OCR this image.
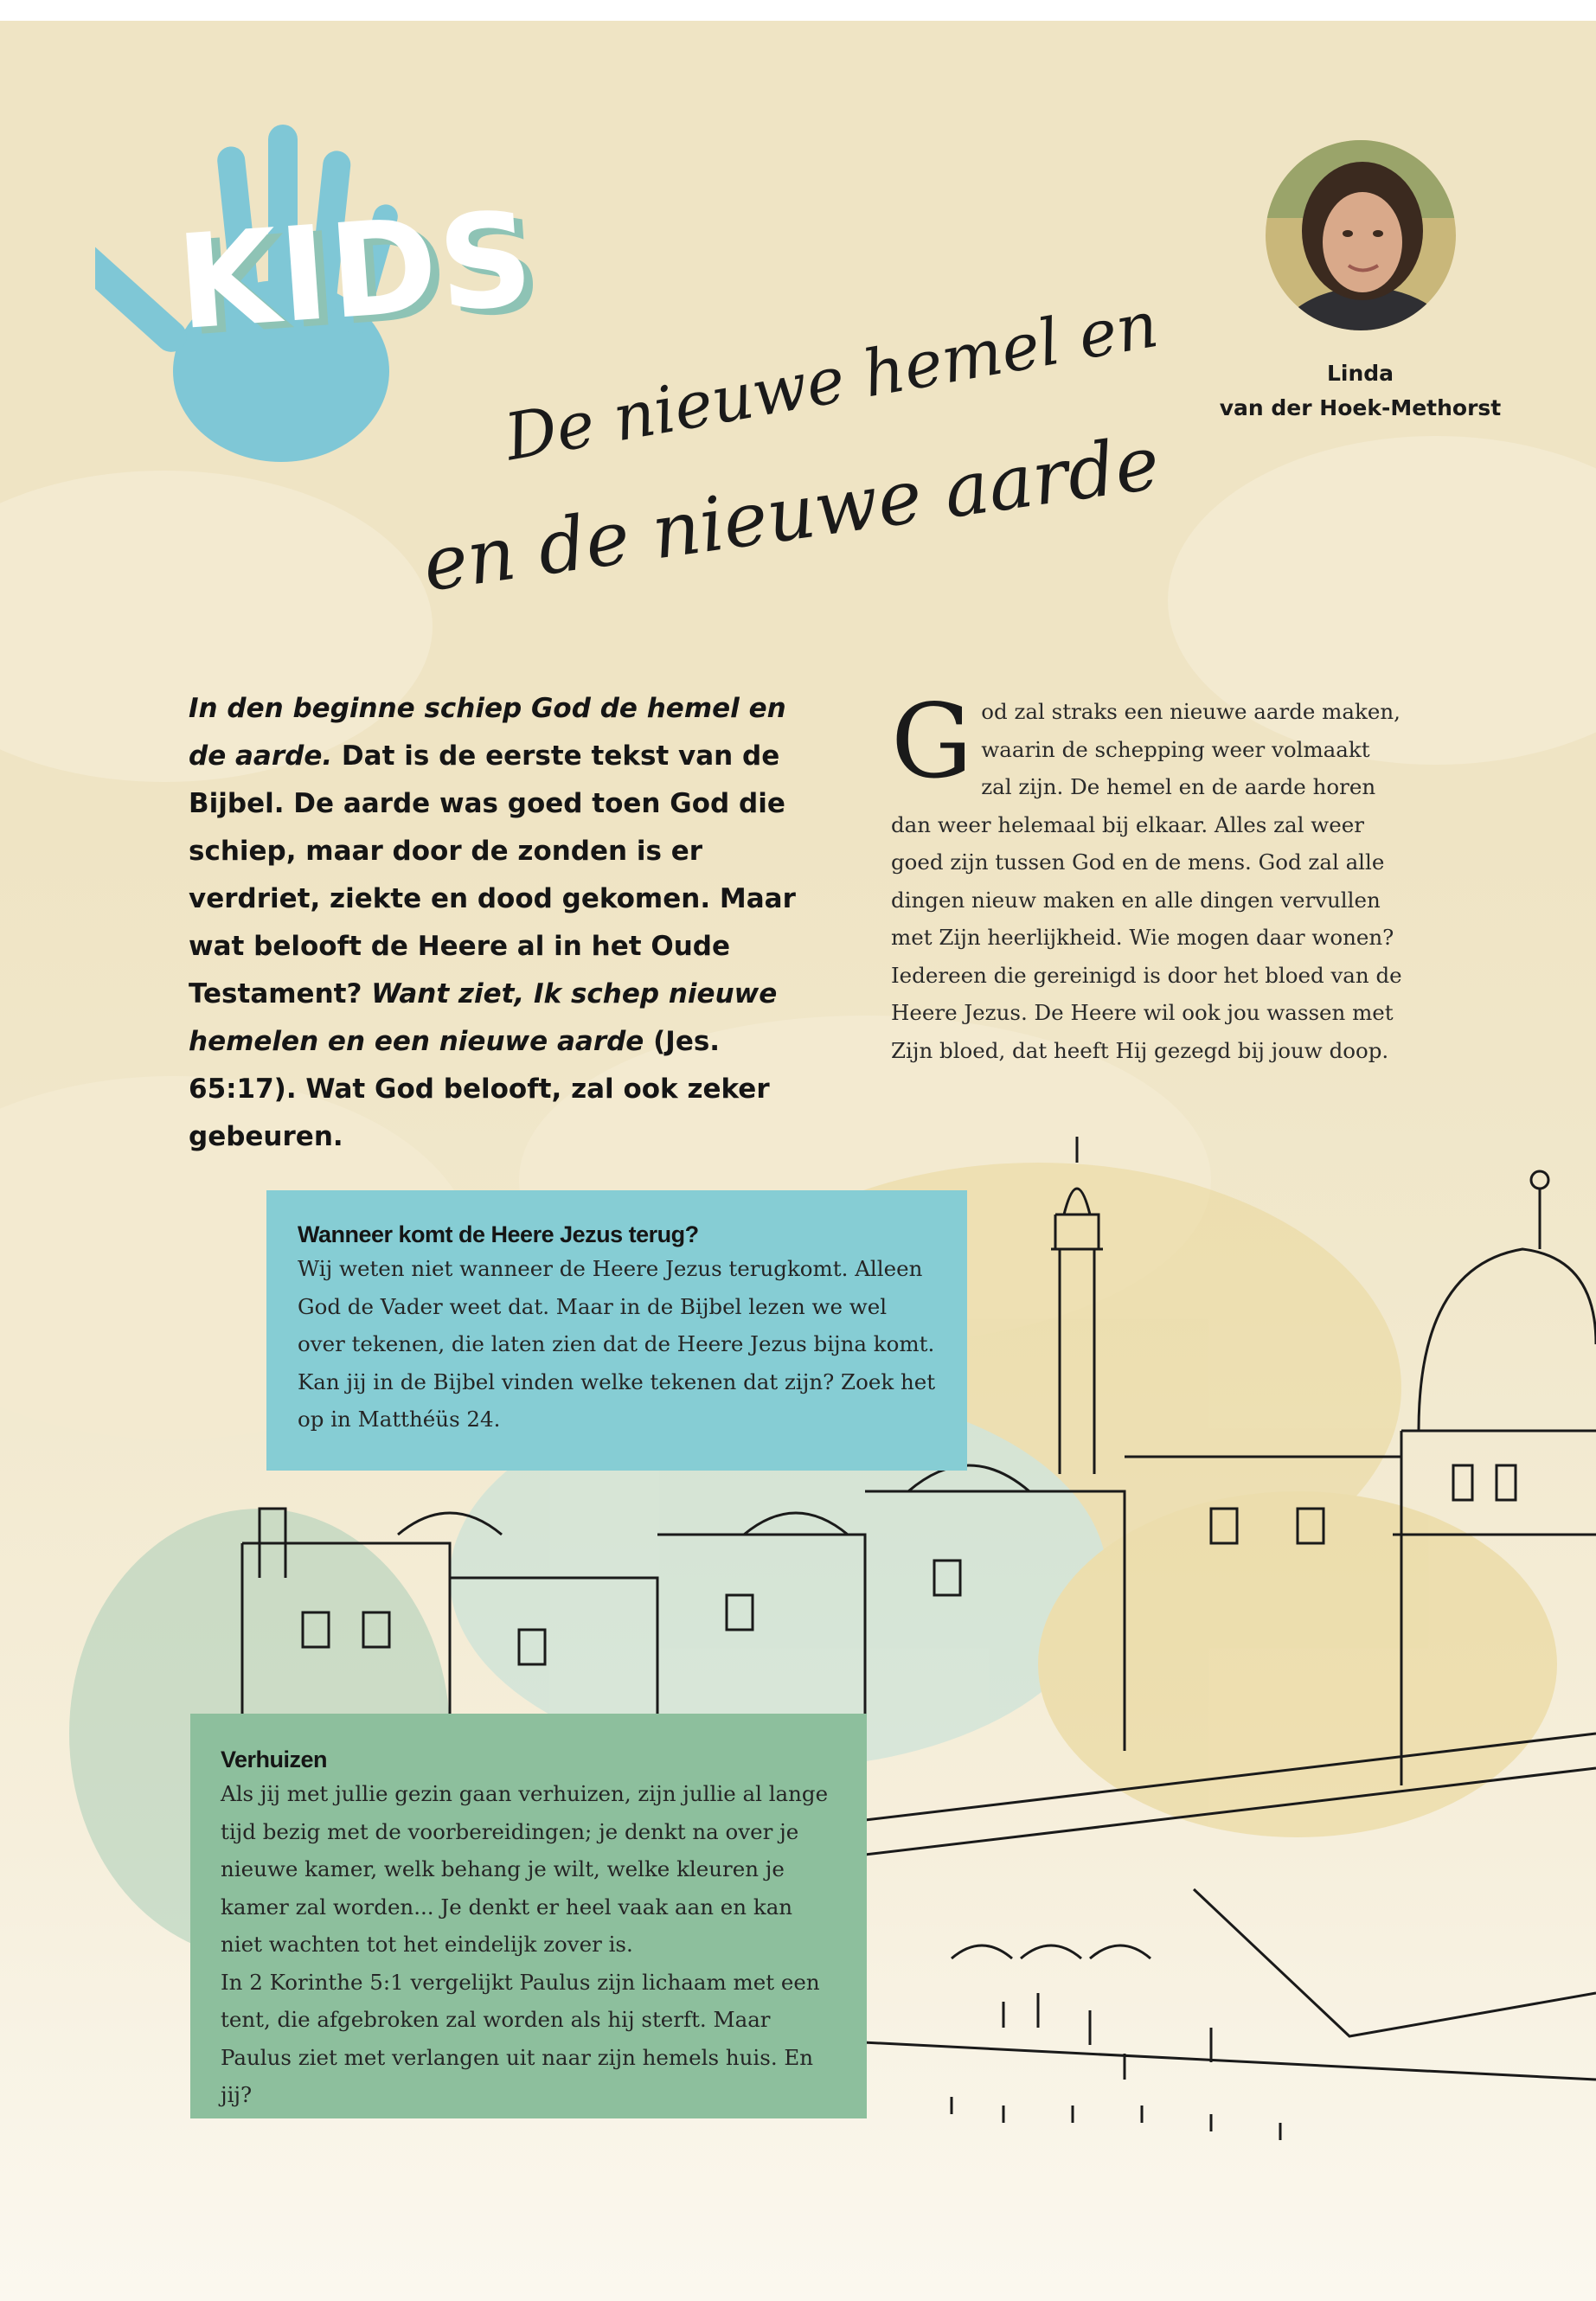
KIDS
Linda
van der Hoek-Methorst
De nieuwe hemel en
en de nieuwe aarde
In den beginne schiep God de hemel en de aarde. Dat is de eerste tekst van de Bijbel. De aarde was goed toen God die schiep, maar door de zonden is er verdriet, ziekte en dood gekomen. Maar wat belooft de Heere al in het Oude Testament? Want ziet, Ik schep nieuwe hemelen en een nieuwe aarde (Jes. 65:17). Wat God belooft, zal ook zeker gebeuren.
God zal straks een nieuwe aarde maken, waarin de schepping weer volmaakt zal zijn. De hemel en de aarde horen dan weer helemaal bij elkaar. Alles zal weer goed zijn tussen God en de mens. God zal alle dingen nieuw maken en alle dingen vervullen met Zijn heerlijkheid. Wie mogen daar wonen? Iedereen die gereinigd is door het bloed van de Heere Jezus. De Heere wil ook jou wassen met Zijn bloed, dat heeft Hij gezegd bij jouw doop.
Wanneer komt de Heere Jezus terug?

Wij weten niet wanneer de Heere Jezus terugkomt. Alleen God de Vader weet dat. Maar in de Bijbel lezen we wel over tekenen, die laten zien dat de Heere Jezus bijna komt. Kan jij in de Bijbel vinden welke tekenen dat zijn? Zoek het op in Matthéüs 24.

Verhuizen

Als jij met jullie gezin gaan verhuizen, zijn jullie al lange tijd bezig met de voorbereidingen; je denkt na over je nieuwe kamer, welk behang je wilt, welke kleuren je kamer zal worden... Je denkt er heel vaak aan en kan niet wachten tot het eindelijk zover is.

In 2 Korinthe 5:1 vergelijkt Paulus zijn lichaam met een tent, die afgebroken zal worden als hij sterft. Maar Paulus ziet met verlangen uit naar zijn hemels huis. En jij?
